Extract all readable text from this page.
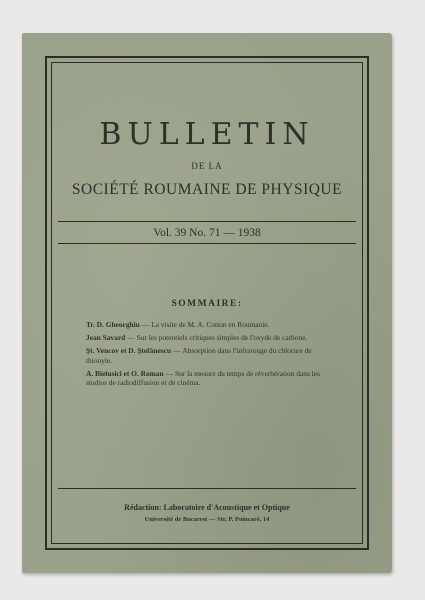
BULLETIN
DE LA
SOCIÉTÉ ROUMAINE DE PHYSIQUE
Vol. 39 No. 71 — 1938
SOMMAIRE:

Tr. D. Gheorghiu — La visite de M. A. Cotton en Roumanie.

Jean Savard — Sur les potentiels critiques simples de l'oxyde de carbone.

Şt. Vencov et D. Ştefănescu — Absorption dans l'infrarouge du chlorure de thionyle.

A. Bielusici et O. Roman — Sur la mesure du temps de réverbération dans les studios de radiodiffusion et de cinéma.

Rédaction: Laboratoire d'Acoustique et Optique
Université de Bucarest — Str. P. Poincaré, 14
